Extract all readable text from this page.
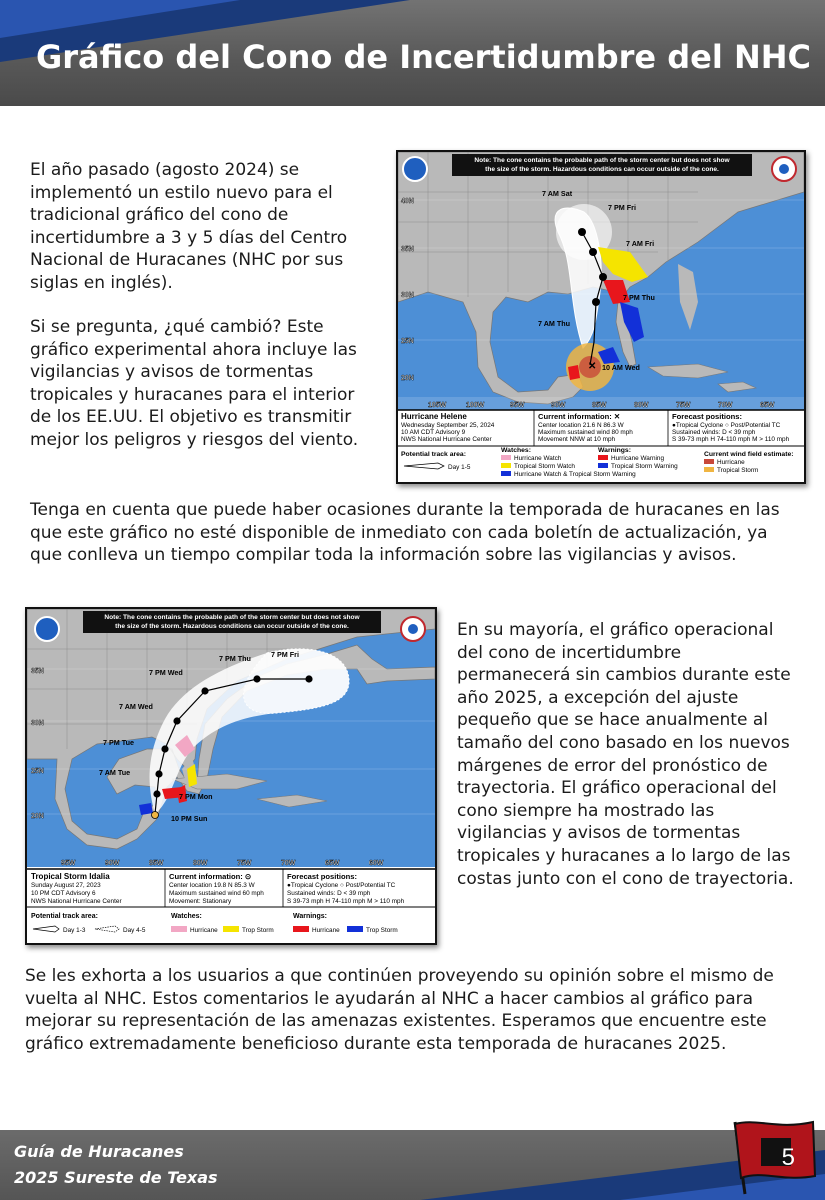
Gráfico del Cono de Incertidumbre del NHC

El año pasado (agosto 2024) se implementó un estilo nuevo para el tradicional gráfico del cono de incertidumbre a 3 y 5 días del Centro Nacional de Huracanes (NHC por sus siglas en inglés).

Si se pregunta, ¿qué cambió? Este gráfico experimental ahora incluye las vigilancias y avisos de tormentas tropicales y huracanes para el interior de los EE.UU. El objetivo es transmitir mejor los peligros y riesgos del viento.

✕
Note: The cone contains the probable path of the storm center but does not show
the size of the storm. Hazardous conditions can occur outside of the cone.
40N
35N
30N
25N
20N
105W	100W	95W	90W	85W	80W	75W	70W	65W
7 AM Sat
7 PM Fri
7 AM Fri
7 PM Thu
7 AM Thu
10 AM Wed
Hurricane Helene
Wednesday September 25, 2024
10 AM CDT Advisory 9
NWS National Hurricane Center
Current information: ✕
Center location 21.6 N 86.3 W
Maximum sustained wind 80 mph
Movement NNW at 10 mph
Forecast positions:
●Tropical Cyclone ○ Post/Potential TC
Sustained winds: D < 39 mph
S 39-73 mph H 74-110 mph M > 110 mph
Potential track area:
Day 1-5
Watches:
Hurricane Watch
Tropical Storm Watch
Hurricane Watch & Tropical Storm Warning
Warnings:
Hurricane Warning
Tropical Storm Warning
Current wind field estimate:
Hurricane
Tropical Storm

Tenga en cuenta que puede haber ocasiones durante la temporada de huracanes en las que este gráfico no esté disponible de inmediato con cada boletín de actualización, ya que conlleva un tiempo compilar toda la información sobre las vigilancias y avisos.

Note: The cone contains the probable path of the storm center but does not show
the size of the storm. Hazardous conditions can occur outside of the cone.
35N
30N
25N
20N
95W	90W	85W	80W	75W	70W	65W	60W
7 PM Thu	7 PM Fri
7 PM Wed
7 AM Wed
7 PM Tue
7 AM Tue
7 PM Mon
10 PM Sun
Tropical Storm Idalia
Sunday August 27, 2023
10 PM CDT Advisory 6
NWS National Hurricane Center
Current information: ⊙
Center location 19.8 N 85.3 W
Maximum sustained wind 60 mph
Movement: Stationary
Forecast positions:
●Tropical Cyclone ○ Post/Potential TC
Sustained winds: D < 39 mph
S 39-73 mph H 74-110 mph M > 110 mph
Potential track area:
Day 1-3	Day 4-5
Watches:
Hurricane	Trop Storm
Warnings:
Hurricane	Trop Storm

En su mayoría, el gráfico operacional del cono de incertidumbre permanecerá sin cambios durante este año 2025, a excepción del ajuste pequeño que se hace anualmente al tamaño del cono basado en los nuevos márgenes de error del pronóstico de trayectoria. El gráfico operacional del cono siempre ha mostrado las vigilancias y avisos de tormentas tropicales y huracanes a lo largo de las costas junto con el cono de trayectoria.

Se les exhorta a los usuarios a que continúen proveyendo su opinión sobre el mismo de vuelta al NHC. Estos comentarios le ayudarán al NHC a hacer cambios al gráfico para mejorar su representación de las amenazas existentes. Esperamos que encuentre este gráfico extremadamente beneficioso durante esta temporada de huracanes 2025.

Guía de Huracanes

2025 Sureste de Texas

5
